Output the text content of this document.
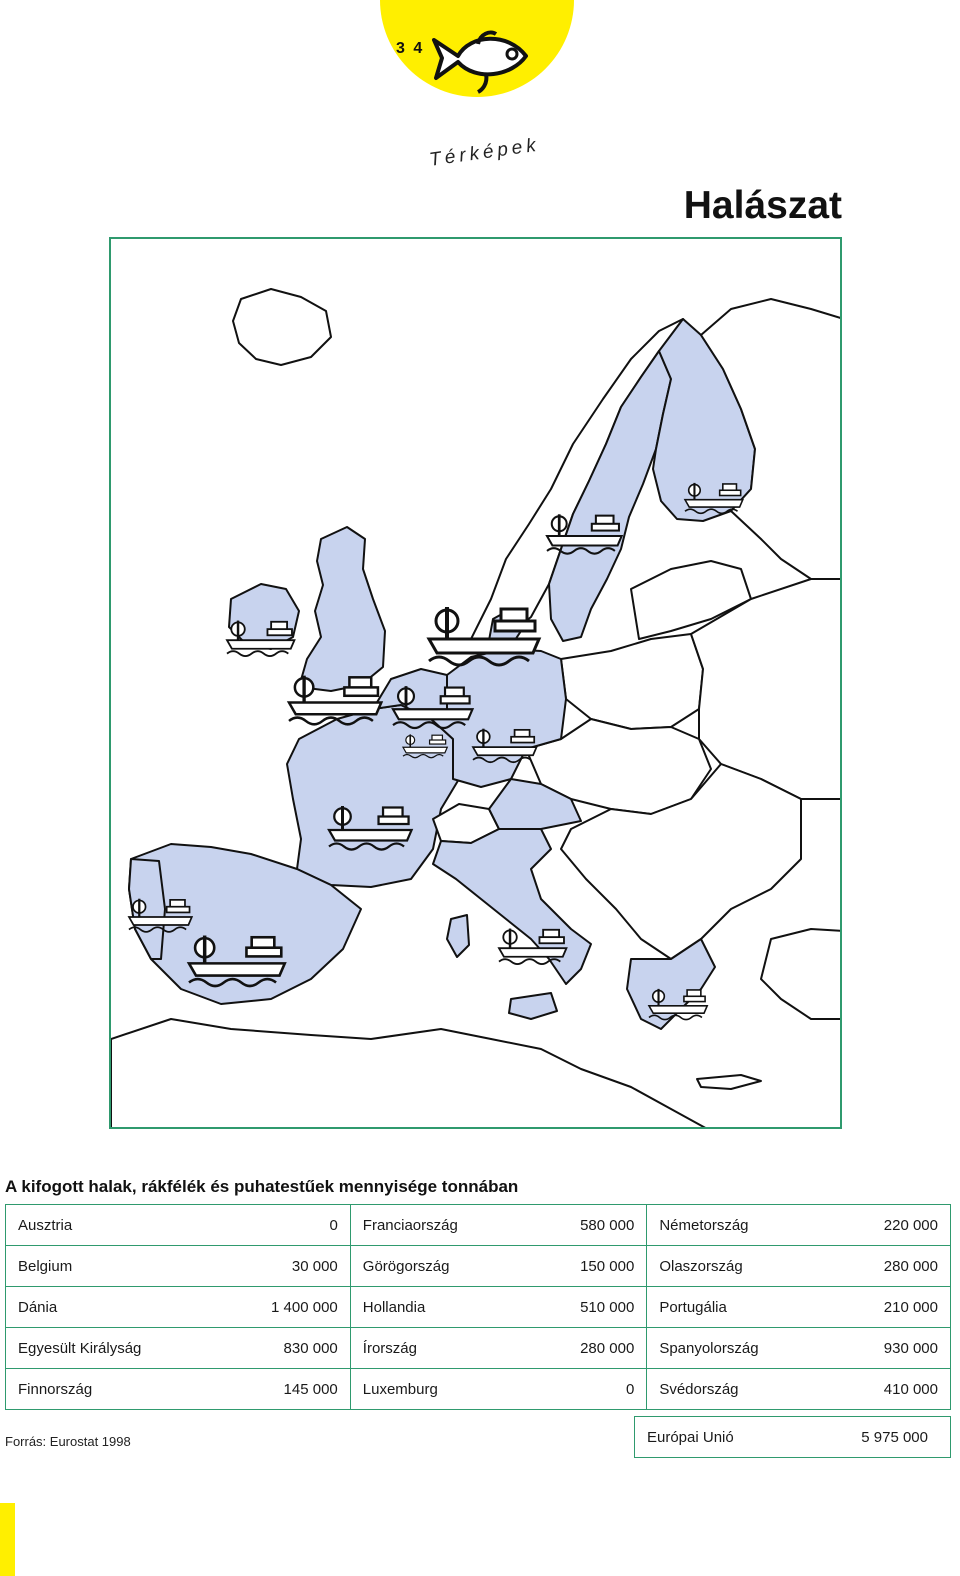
3 4
Térképek
Halászat
A kifogott halak, rákfélék és puhatestűek mennyisége tonnában
Ausztria 0	Franciaország 580 000	Németország 220 000

Belgium 30 000	Görögország 150 000	Olaszország 280 000

Dánia 1 400 000	Hollandia 510 000	Portugália 210 000

Egyesült Királyság 830 000	Írország 280 000	Spanyolország 930 000

Finnország 145 000	Luxemburg 0	Svédország 410 000
Európai Unió	5 975 000
Forrás: Eurostat 1998
